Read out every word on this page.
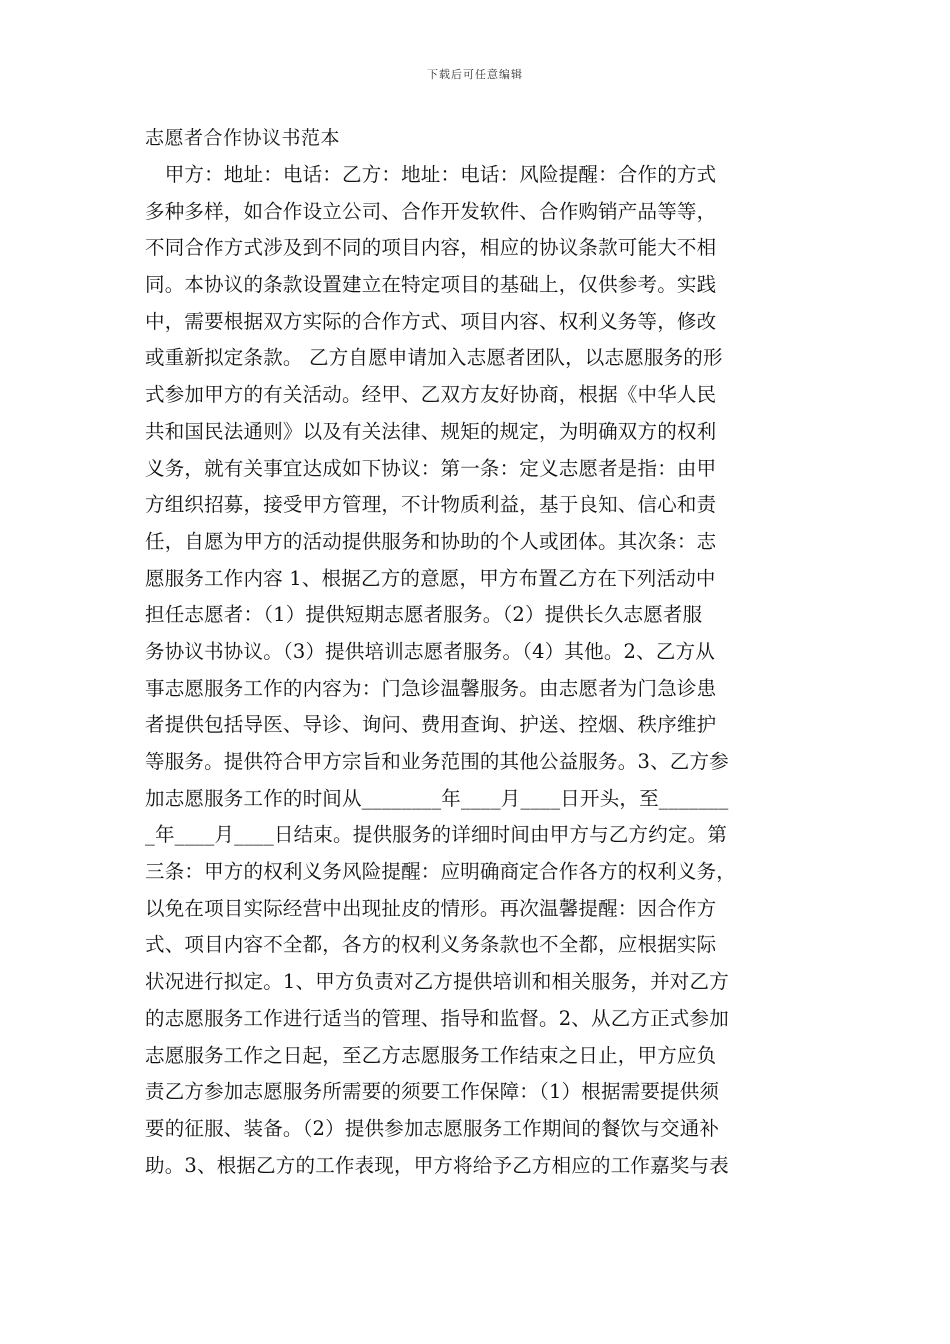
下载后可任意编辑
志愿者合作协议书范本
　甲方：地址：电话：乙方：地址：电话：风险提醒：合作的方式
多种多样，如合作设立公司、合作开发软件、合作购销产品等等，
不同合作方式涉及到不同的项目内容，相应的协议条款可能大不相
同。本协议的条款设置建立在特定项目的基础上，仅供参考。实践
中，需要根据双方实际的合作方式、项目内容、权利义务等，修改
或重新拟定条款。 乙方自愿申请加入志愿者团队，以志愿服务的形
式参加甲方的有关活动。经甲、乙双方友好协商，根据《中华人民
共和国民法通则》以及有关法律、规矩的规定，为明确双方的权利
义务，就有关事宜达成如下协议：第一条：定义志愿者是指：由甲
方组织招募，接受甲方管理，不计物质利益，基于良知、信心和责
任，自愿为甲方的活动提供服务和协助的个人或团体。其次条：志
愿服务工作内容 1、根据乙方的意愿，甲方布置乙方在下列活动中
担任志愿者：（1）提供短期志愿者服务。（2）提供长久志愿者服
务协议书协议。（3）提供培训志愿者服务。（4）其他。2、乙方从
事志愿服务工作的内容为：门急诊温馨服务。由志愿者为门急诊患
者提供包括导医、导诊、询问、费用查询、护送、控烟、秩序维护
等服务。提供符合甲方宗旨和业务范围的其他公益服务。3、乙方参
加志愿服务工作的时间从________年____月____日开头，至_______
_年____月____日结束。提供服务的详细时间由甲方与乙方约定。第
三条：甲方的权利义务风险提醒：应明确商定合作各方的权利义务，
以免在项目实际经营中出现扯皮的情形。再次温馨提醒：因合作方
式、项目内容不全都，各方的权利义务条款也不全都，应根据实际
状况进行拟定。1、甲方负责对乙方提供培训和相关服务，并对乙方
的志愿服务工作进行适当的管理、指导和监督。2、从乙方正式参加
志愿服务工作之日起，至乙方志愿服务工作结束之日止，甲方应负
责乙方参加志愿服务所需要的须要工作保障：（1）根据需要提供须
要的征服、装备。（2）提供参加志愿服务工作期间的餐饮与交通补
助。3、根据乙方的工作表现，甲方将给予乙方相应的工作嘉奖与表
